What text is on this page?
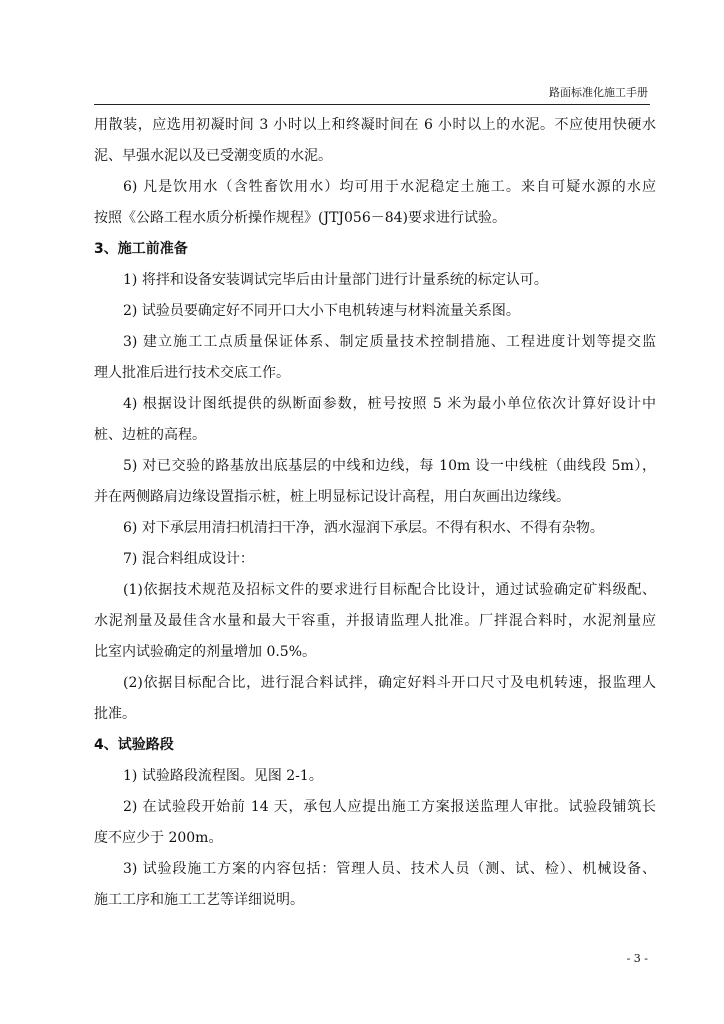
路面标准化施工手册
用散装，应选用初凝时间 3 小时以上和终凝时间在 6 小时以上的水泥。不应使用快硬水
泥、早强水泥以及已受潮变质的水泥。
6) 凡是饮用水（含牲畜饮用水）均可用于水泥稳定土施工。来自可疑水源的水应
按照《公路工程水质分析操作规程》(JTJ056－84)要求进行试验。
3、施工前准备
1) 将拌和设备安装调试完毕后由计量部门进行计量系统的标定认可。
2) 试验员要确定好不同开口大小下电机转速与材料流量关系图。
3) 建立施工工点质量保证体系、制定质量技术控制措施、工程进度计划等提交监
理人批准后进行技术交底工作。
4) 根据设计图纸提供的纵断面参数，桩号按照 5 米为最小单位依次计算好设计中
桩、边桩的高程。
5) 对已交验的路基放出底基层的中线和边线，每 10m 设一中线桩（曲线段 5m），
并在两侧路肩边缘设置指示桩，桩上明显标记设计高程，用白灰画出边缘线。
6) 对下承层用清扫机清扫干净，洒水湿润下承层。不得有积水、不得有杂物。
7) 混合料组成设计：
(1)依据技术规范及招标文件的要求进行目标配合比设计，通过试验确定矿料级配、
水泥剂量及最佳含水量和最大干容重，并报请监理人批准。厂拌混合料时，水泥剂量应
比室内试验确定的剂量增加 0.5%。
(2)依据目标配合比，进行混合料试拌，确定好料斗开口尺寸及电机转速，报监理人
批准。
4、试验路段
1) 试验路段流程图。见图 2-1。
2) 在试验段开始前 14 天，承包人应提出施工方案报送监理人审批。试验段铺筑长
度不应少于 200m。
3) 试验段施工方案的内容包括：管理人员、技术人员（测、试、检）、机械设备、
施工工序和施工工艺等详细说明。
- 3 -
